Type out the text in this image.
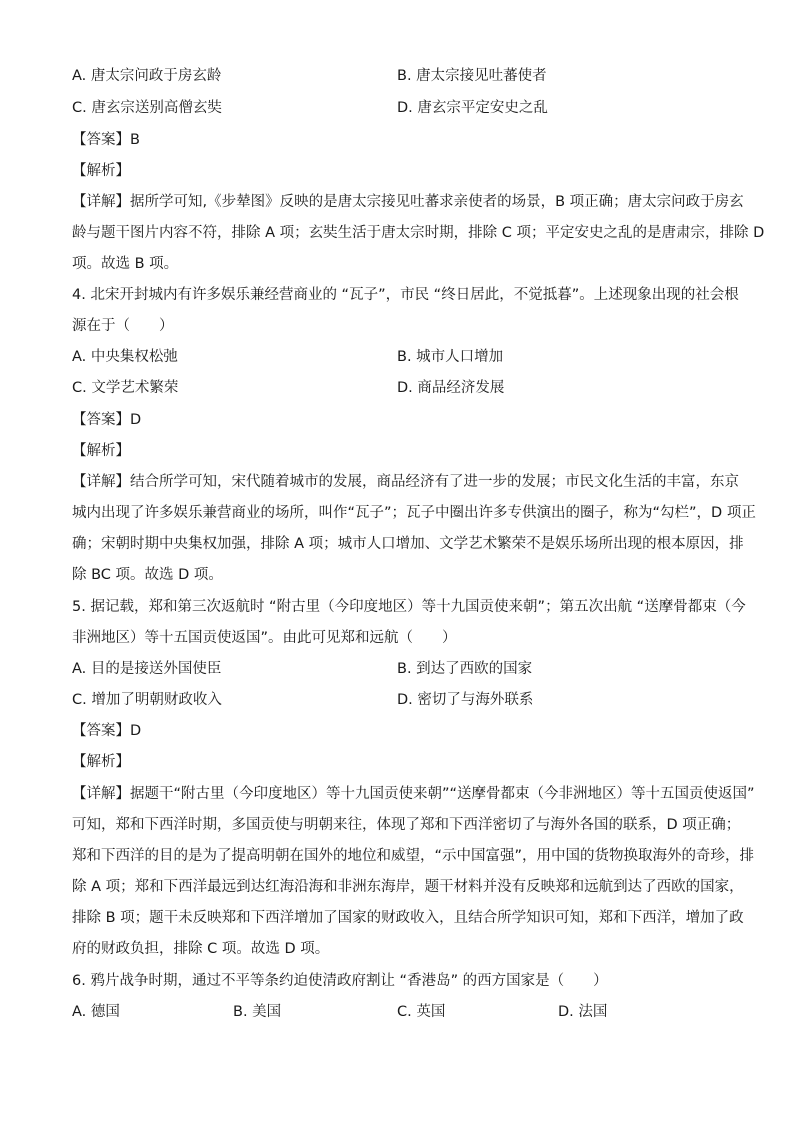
A. 唐太宗问政于房玄龄	B. 唐太宗接见吐蕃使者
C. 唐玄宗送别高僧玄奘	D. 唐玄宗平定安史之乱
【答案】B
【解析】
【详解】据所学可知,《步辇图》反映的是唐太宗接见吐蕃求亲使者的场景，B 项正确；唐太宗问政于房玄
龄与题干图片内容不符，排除 A 项；玄奘生活于唐太宗时期，排除 C 项；平定安史之乱的是唐肃宗，排除 D
项。故选 B 项。
4. 北宋开封城内有许多娱乐兼经营商业的 “瓦子”，市民 “终日居此，不觉抵暮”。上述现象出现的社会根
源在于（　　）
A. 中央集权松弛	B. 城市人口增加
C. 文学艺术繁荣	D. 商品经济发展
【答案】D
【解析】
【详解】结合所学可知，宋代随着城市的发展，商品经济有了进一步的发展；市民文化生活的丰富，东京
城内出现了许多娱乐兼营商业的场所，叫作“瓦子”；瓦子中圈出许多专供演出的圈子，称为“勾栏”，D 项正
确；宋朝时期中央集权加强，排除 A 项；城市人口增加、文学艺术繁荣不是娱乐场所出现的根本原因，排
除 BC 项。故选 D 项。
5. 据记载，郑和第三次返航时 “附古里（今印度地区）等十九国贡使来朝”；第五次出航 “送摩骨都束（今
非洲地区）等十五国贡使返国”。由此可见郑和远航（　　）
A. 目的是接送外国使臣	B. 到达了西欧的国家
C. 增加了明朝财政收入	D. 密切了与海外联系
【答案】D
【解析】
【详解】据题干“附古里（今印度地区）等十九国贡使来朝”“送摩骨都束（今非洲地区）等十五国贡使返国”
可知，郑和下西洋时期，多国贡使与明朝来往，体现了郑和下西洋密切了与海外各国的联系，D 项正确；
郑和下西洋的目的是为了提高明朝在国外的地位和威望，“示中国富强”，用中国的货物换取海外的奇珍，排
除 A 项；郑和下西洋最远到达红海沿海和非洲东海岸，题干材料并没有反映郑和远航到达了西欧的国家，
排除 B 项；题干未反映郑和下西洋增加了国家的财政收入，且结合所学知识可知，郑和下西洋，增加了政
府的财政负担，排除 C 项。故选 D 项。
6. 鸦片战争时期，通过不平等条约迫使清政府割让 “香港岛” 的西方国家是（　　）
A. 德国	B. 美国	C. 英国	D. 法国
